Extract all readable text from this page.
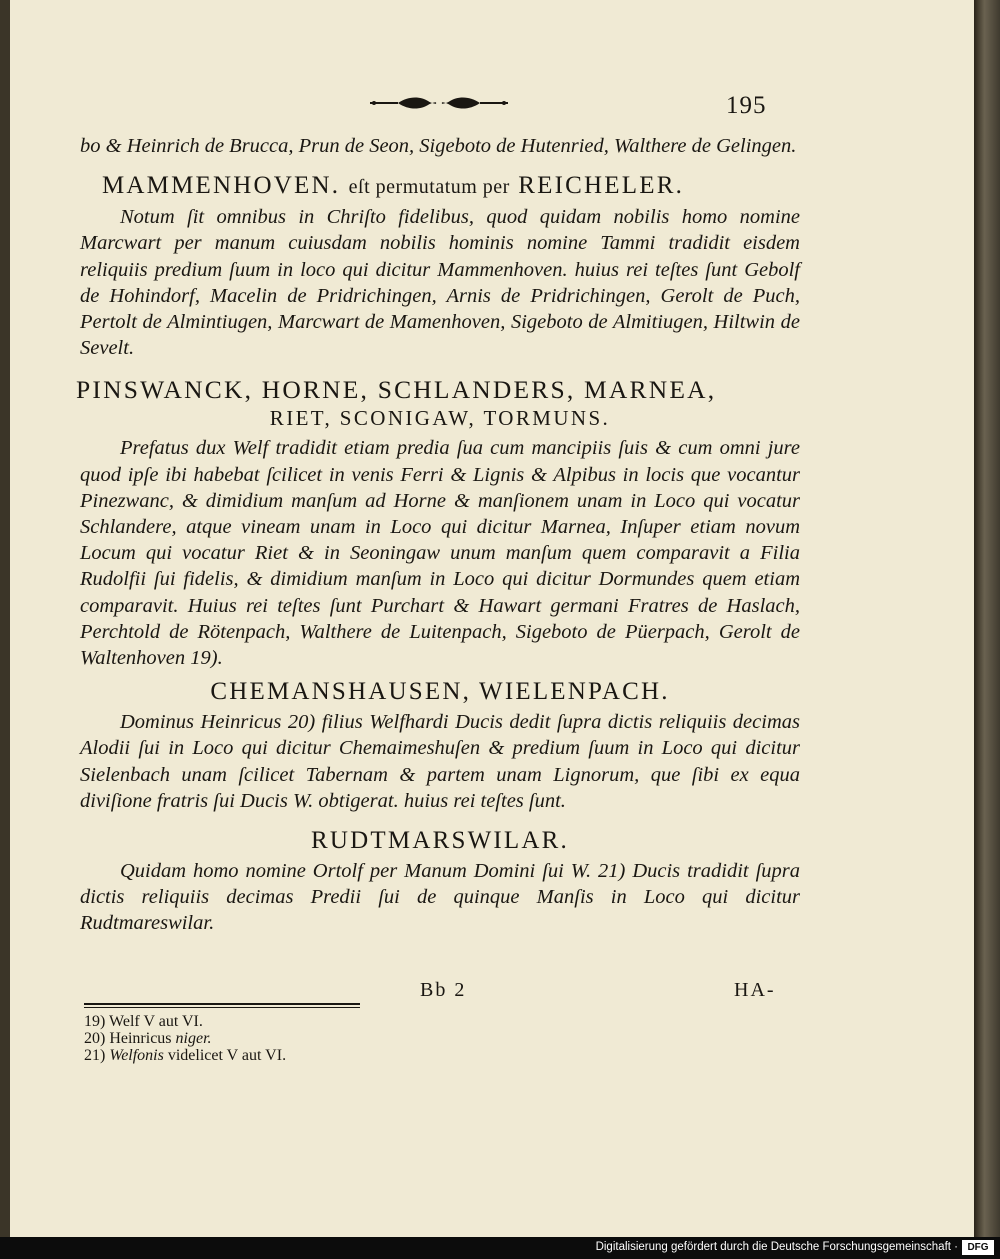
195

bo & Heinrich de Brucca, Prun de Seon, Sigeboto de Hutenried, Walthere de Gelingen.

MAMMENHOVEN. eſt permutatum per REICHELER.

Notum ſit omnibus in Chriſto fidelibus, quod quidam nobilis homo nomine Marcwart per manum cuiusdam nobilis hominis nomine Tammi tradidit eisdem reliquiis predium ſuum in loco qui dicitur Mammenhoven. huius rei teſtes ſunt Gebolf de Hohindorf, Macelin de Pridrichingen, Arnis de Pridrichingen, Gerolt de Puch, Pertolt de Almintiugen, Marcwart de Mamenhoven, Sigeboto de Almitiugen, Hiltwin de Sevelt.

PINSWANCK, HORNE, SCHLANDERS, MARNEA,

RIET, SCONIGAW, TORMUNS.

Prefatus dux Welf tradidit etiam predia ſua cum mancipiis ſuis & cum omni jure quod ipſe ibi habebat ſcilicet in venis Ferri & Lignis & Alpibus in locis que vocantur Pinezwanc, & dimidium manſum ad Horne & manſionem unam in Loco qui vocatur Schlandere, atque vineam unam in Loco qui dicitur Marnea, Inſuper etiam novum Locum qui vocatur Riet & in Seoningaw unum manſum quem comparavit a Filia Rudolfii ſui fidelis, & dimidium manſum in Loco qui dicitur Dormundes quem etiam comparavit. Huius rei teſtes ſunt Purchart & Hawart germani Fratres de Haslach, Perchtold de Rötenpach, Walthere de Luitenpach, Sigeboto de Püerpach, Gerolt de Waltenhoven 19).

CHEMANSHAUSEN, WIELENPACH.

Dominus Heinricus 20) filius Welfhardi Ducis dedit ſupra dictis reliquiis decimas Alodii ſui in Loco qui dicitur Chemaimeshuſen & predium ſuum in Loco qui dicitur Sielenbach unam ſcilicet Tabernam & partem unam Lignorum, que ſibi ex equa diviſione fratris ſui Ducis W. obtigerat. huius rei teſtes ſunt.

RUDTMARSWILAR.

Quidam homo nomine Ortolf per Manum Domini ſui W. 21) Ducis tradidit ſupra dictis reliquiis decimas Predii ſui de quinque Manſis in Loco qui dicitur Rudtmareswilar.

Bb 2	HA-
19) Welf V aut VI.
20) Heinricus niger.
21) Welfonis videlicet V aut VI.
Digitalisierung gefördert durch die Deutsche Forschungsgemeinschaft · DFG
